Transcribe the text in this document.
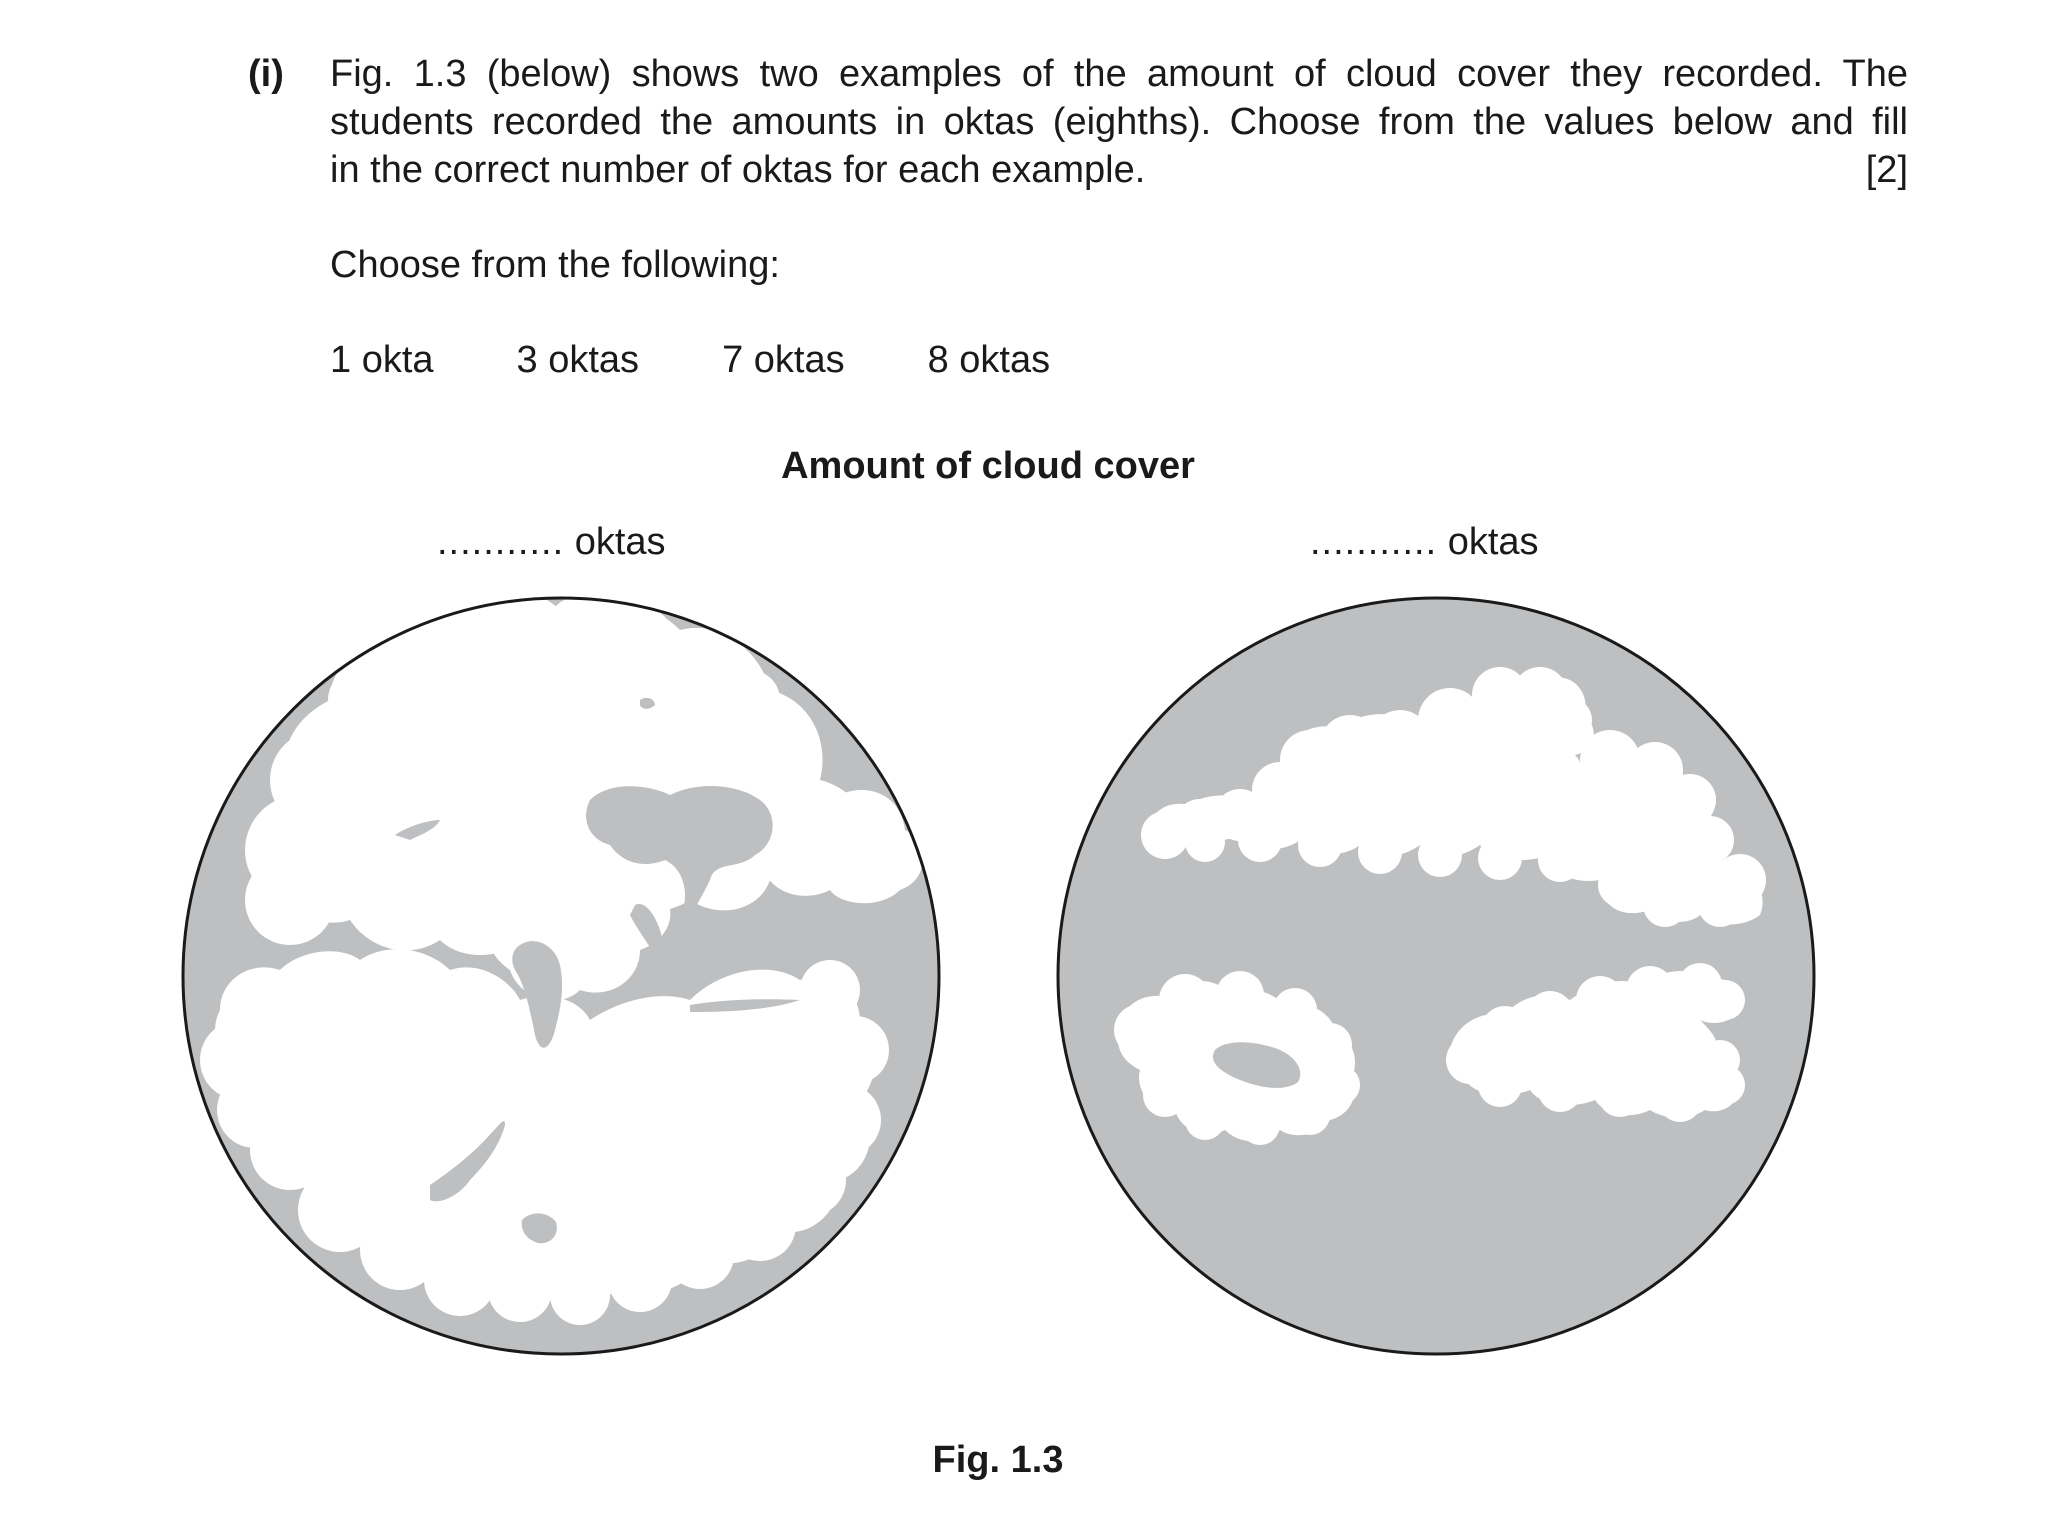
(i) Fig. 1.3 (below) shows two examples of the amount of cloud cover they recorded. The
students recorded the amounts in oktas (eighths). Choose from the values below and fill
in the correct number of oktas for each example.	[2]
Choose from the following:
1 okta 3 oktas 7 oktas 8 oktas
Amount of cloud cover
........... oktas	........... oktas
Fig. 1.3
